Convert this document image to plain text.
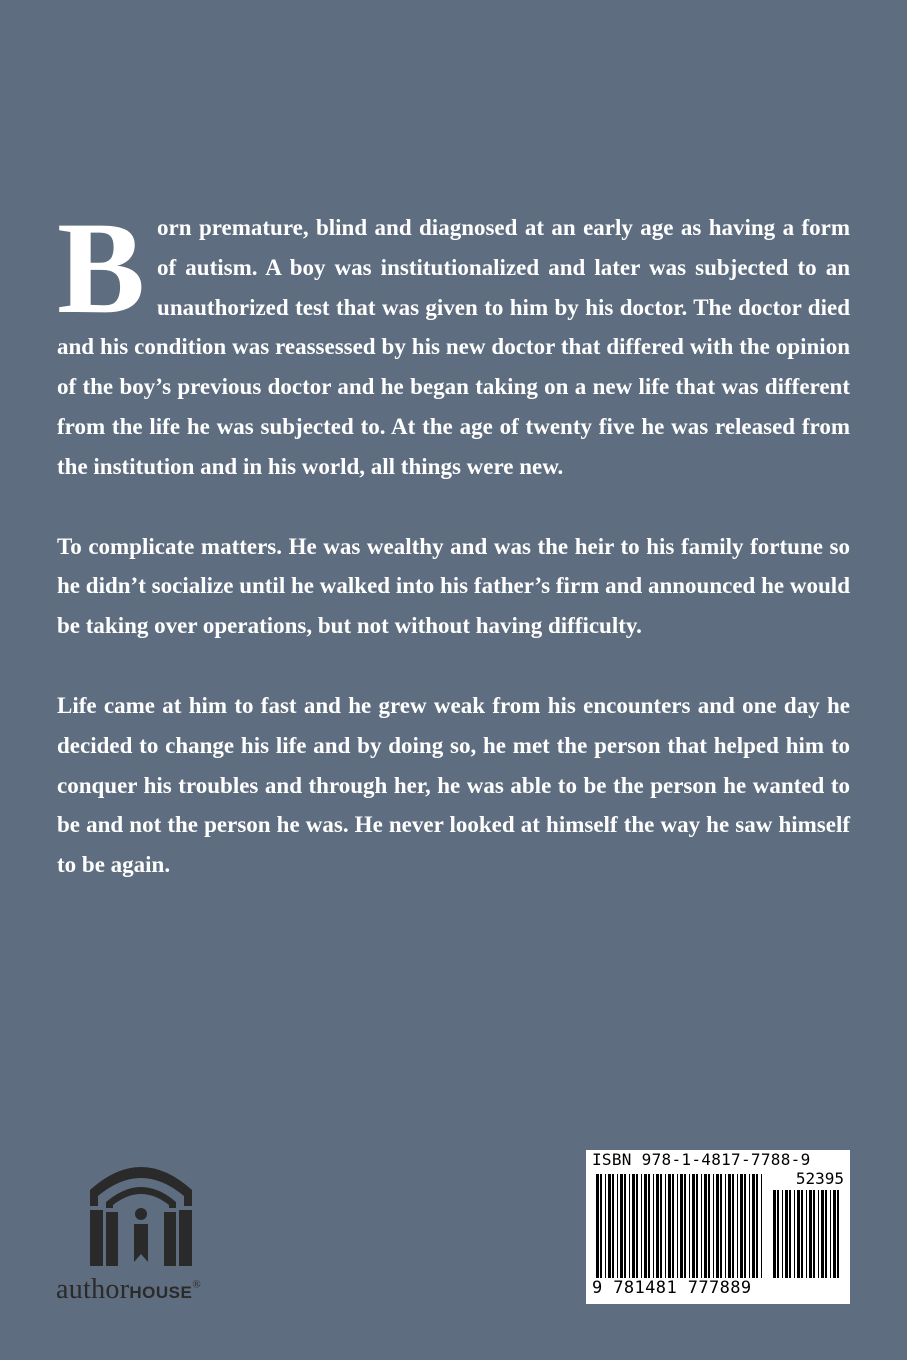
Born premature, blind and diagnosed at an early age as having a form of autism. A boy was institutionalized and later was subjected to an unauthorized test that was given to him by his doctor. The doctor died and his condition was reassessed by his new doctor that differed with the opinion of the boy’s previous doctor and he began taking on a new life that was different from the life he was subjected to. At the age of twenty five he was released from the institution and in his world, all things were new.

To complicate matters. He was wealthy and was the heir to his family fortune so he didn’t socialize until he walked into his father’s firm and announced he would be taking over operations, but not without having difficulty.

Life came at him to fast and he grew weak from his encounters and one day he decided to change his life and by doing so, he met the person that helped him to conquer his troubles and through her, he was able to be the person he wanted to be and not the person he was. He never looked at himself the way he saw himself to be again.

authorHOUSE®
ISBN 978-1-4817-7788-9
52395
9 781481 777889
